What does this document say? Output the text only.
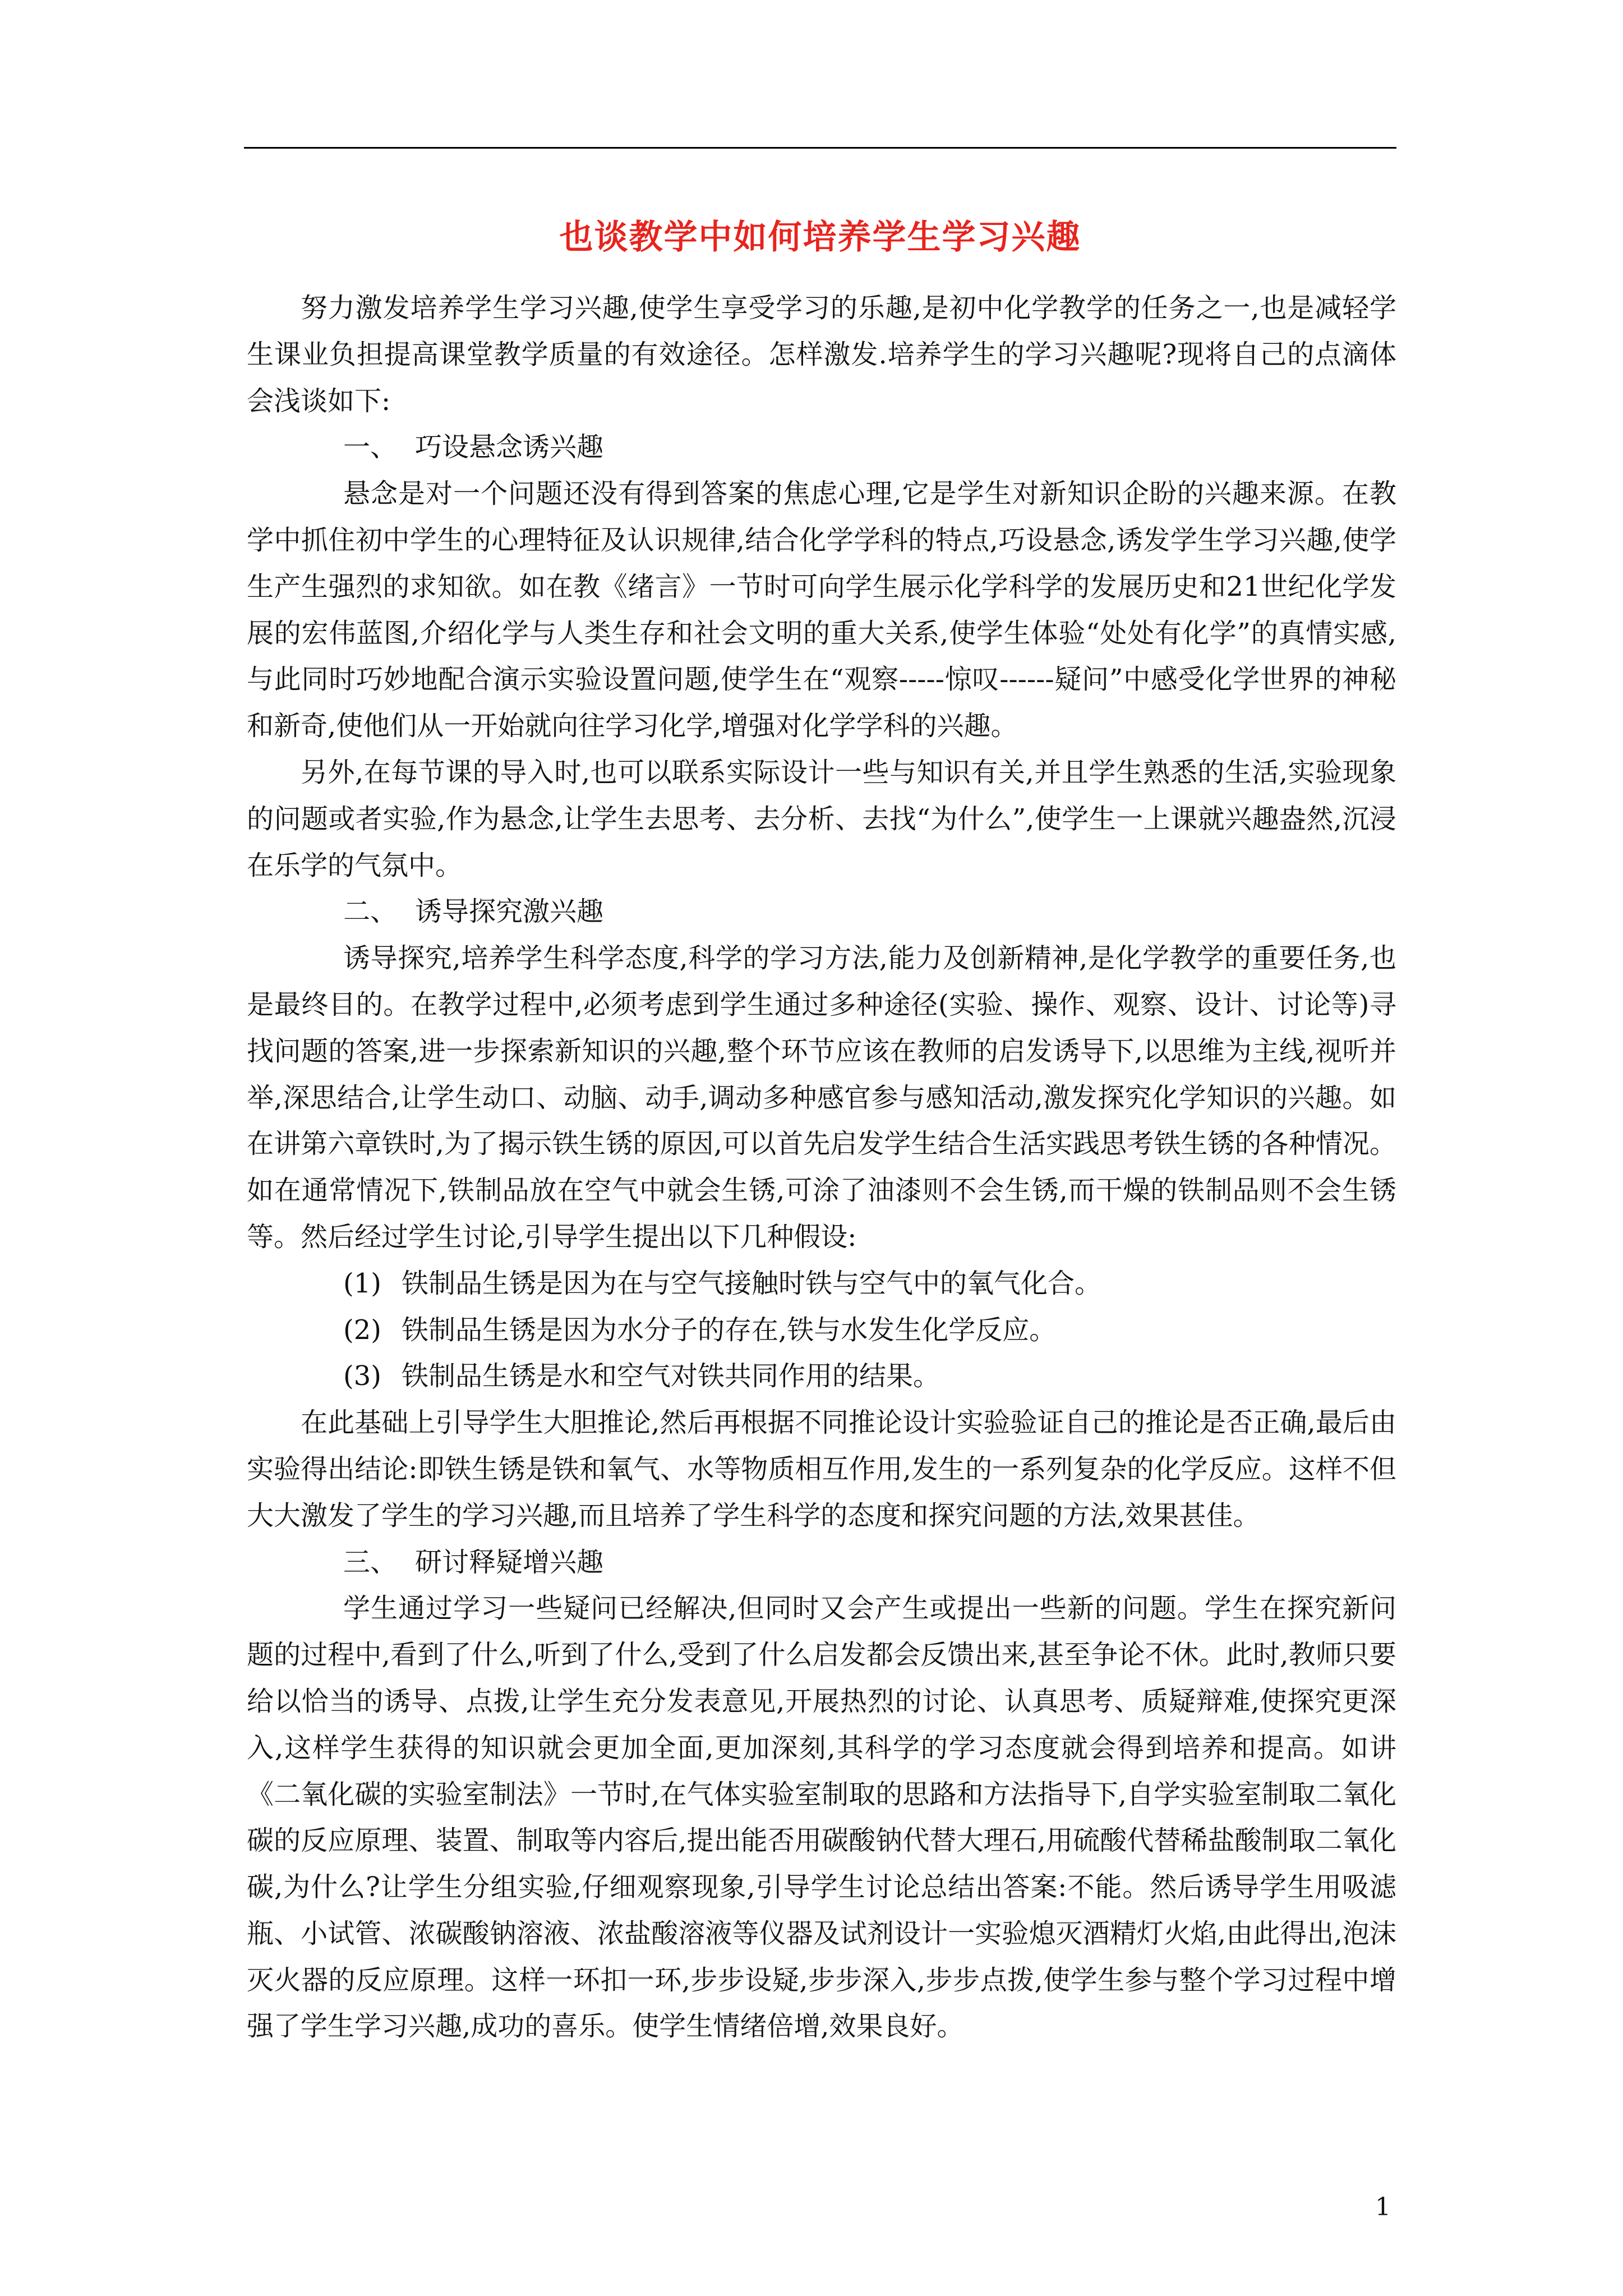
也谈教学中如何培养学生学习兴趣

努力激发培养学生学习兴趣,使学生享受学习的乐趣,是初中化学教学的任务之一,也是减轻学生课业负担提高课堂教学质量的有效途径。怎样激发.培养学生的学习兴趣呢?现将自己的点滴体会浅谈如下:

一、 巧设悬念诱兴趣

悬念是对一个问题还没有得到答案的焦虑心理,它是学生对新知识企盼的兴趣来源。在教学中抓住初中学生的心理特征及认识规律,结合化学学科的特点,巧设悬念,诱发学生学习兴趣,使学生产生强烈的求知欲。如在教《绪言》一节时可向学生展示化学科学的发展历史和21世纪化学发展的宏伟蓝图,介绍化学与人类生存和社会文明的重大关系,使学生体验“处处有化学”的真情实感,与此同时巧妙地配合演示实验设置问题,使学生在“观察-----惊叹------疑问”中感受化学世界的神秘和新奇,使他们从一开始就向往学习化学,增强对化学学科的兴趣。

另外,在每节课的导入时,也可以联系实际设计一些与知识有关,并且学生熟悉的生活,实验现象的问题或者实验,作为悬念,让学生去思考、去分析、去找“为什么”,使学生一上课就兴趣盎然,沉浸在乐学的气氛中。

二、 诱导探究激兴趣

诱导探究,培养学生科学态度,科学的学习方法,能力及创新精神,是化学教学的重要任务,也是最终目的。在教学过程中,必须考虑到学生通过多种途径(实验、操作、观察、设计、讨论等)寻找问题的答案,进一步探索新知识的兴趣,整个环节应该在教师的启发诱导下,以思维为主线,视听并举,深思结合,让学生动口、动脑、动手,调动多种感官参与感知活动,激发探究化学知识的兴趣。如在讲第六章铁时,为了揭示铁生锈的原因,可以首先启发学生结合生活实践思考铁生锈的各种情况。如在通常情况下,铁制品放在空气中就会生锈,可涂了油漆则不会生锈,而干燥的铁制品则不会生锈等。然后经过学生讨论,引导学生提出以下几种假设:

(1) 铁制品生锈是因为在与空气接触时铁与空气中的氧气化合。

(2) 铁制品生锈是因为水分子的存在,铁与水发生化学反应。

(3) 铁制品生锈是水和空气对铁共同作用的结果。

在此基础上引导学生大胆推论,然后再根据不同推论设计实验验证自己的推论是否正确,最后由实验得出结论:即铁生锈是铁和氧气、水等物质相互作用,发生的一系列复杂的化学反应。这样不但大大激发了学生的学习兴趣,而且培养了学生科学的态度和探究问题的方法,效果甚佳。

三、 研讨释疑增兴趣

学生通过学习一些疑问已经解决,但同时又会产生或提出一些新的问题。学生在探究新问题的过程中,看到了什么,听到了什么,受到了什么启发都会反馈出来,甚至争论不休。此时,教师只要给以恰当的诱导、点拨,让学生充分发表意见,开展热烈的讨论、认真思考、质疑辩难,使探究更深入,这样学生获得的知识就会更加全面,更加深刻,其科学的学习态度就会得到培养和提高。如讲《二氧化碳的实验室制法》一节时,在气体实验室制取的思路和方法指导下,自学实验室制取二氧化碳的反应原理、装置、制取等内容后,提出能否用碳酸钠代替大理石,用硫酸代替稀盐酸制取二氧化碳,为什么?让学生分组实验,仔细观察现象,引导学生讨论总结出答案:不能。然后诱导学生用吸滤瓶、小试管、浓碳酸钠溶液、浓盐酸溶液等仪器及试剂设计一实验熄灭酒精灯火焰,由此得出,泡沫灭火器的反应原理。这样一环扣一环,步步设疑,步步深入,步步点拨,使学生参与整个学习过程中增强了学生学习兴趣,成功的喜乐。使学生情绪倍增,效果良好。

1
